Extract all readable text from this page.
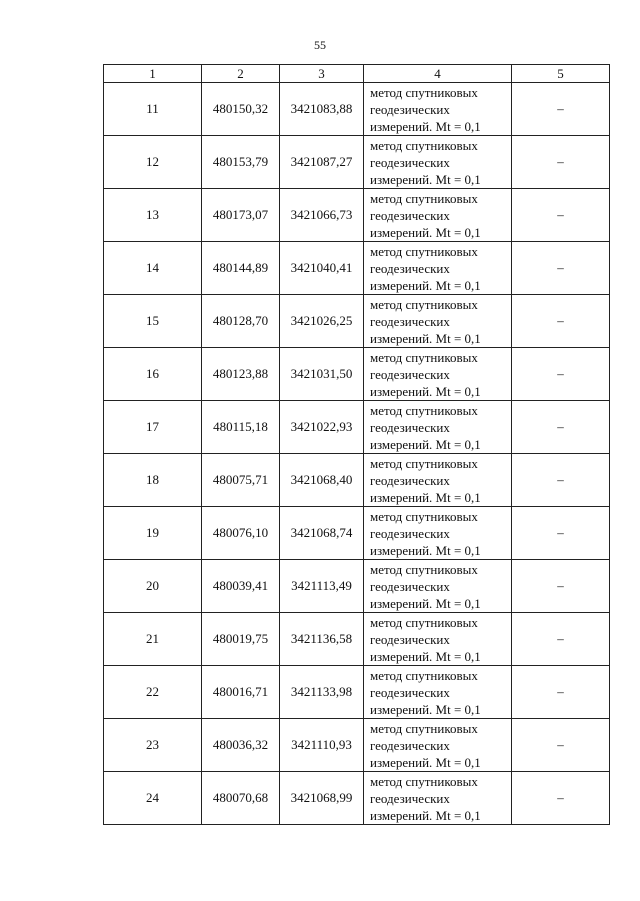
55
1	2	3	4	5
11	480150,32	3421083,88	метод спутниковых
геодезических
измерений. Mt = 0,1	–
12	480153,79	3421087,27	метод спутниковых
геодезических
измерений. Mt = 0,1	–
13	480173,07	3421066,73	метод спутниковых
геодезических
измерений. Mt = 0,1	–
14	480144,89	3421040,41	метод спутниковых
геодезических
измерений. Mt = 0,1	–
15	480128,70	3421026,25	метод спутниковых
геодезических
измерений. Mt = 0,1	–
16	480123,88	3421031,50	метод спутниковых
геодезических
измерений. Mt = 0,1	–
17	480115,18	3421022,93	метод спутниковых
геодезических
измерений. Mt = 0,1	–
18	480075,71	3421068,40	метод спутниковых
геодезических
измерений. Mt = 0,1	–
19	480076,10	3421068,74	метод спутниковых
геодезических
измерений. Mt = 0,1	–
20	480039,41	3421113,49	метод спутниковых
геодезических
измерений. Mt = 0,1	–
21	480019,75	3421136,58	метод спутниковых
геодезических
измерений. Mt = 0,1	–
22	480016,71	3421133,98	метод спутниковых
геодезических
измерений. Mt = 0,1	–
23	480036,32	3421110,93	метод спутниковых
геодезических
измерений. Mt = 0,1	–
24	480070,68	3421068,99	метод спутниковых
геодезических
измерений. Mt = 0,1	–
